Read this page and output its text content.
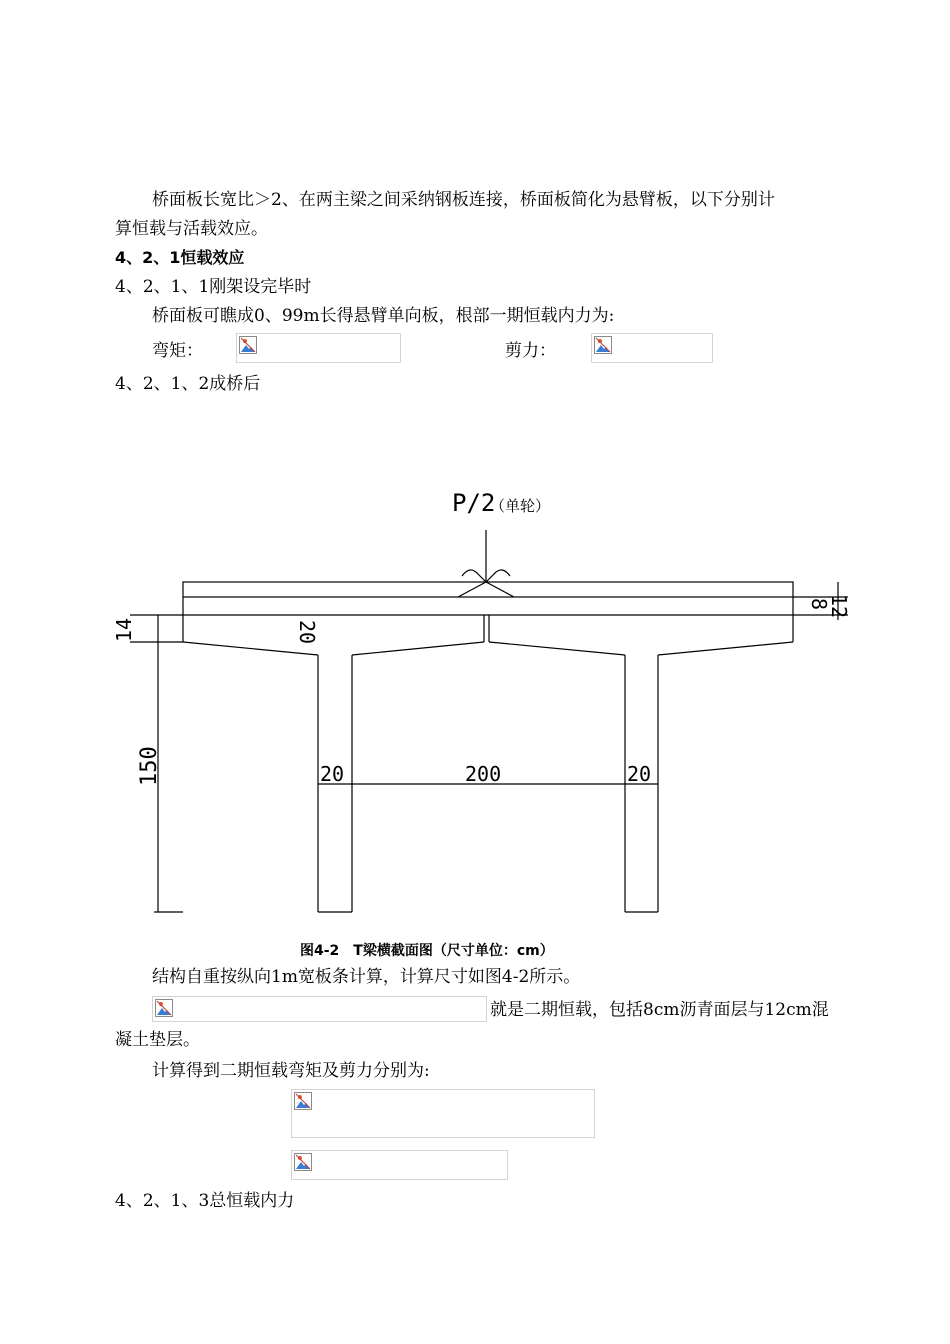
桥面板长宽比＞2、在两主梁之间采纳钢板连接，桥面板简化为悬臂板，以下分别计
算恒载与活载效应。
4、2、1恒载效应
4、2、1、1刚架设完毕时
桥面板可瞧成0、99m长得悬臂单向板，根部一期恒载内力为:
弯矩：	剪力：
4、2、1、2成桥后
P/2
（单轮）
8
12
14	20
150	20	200	20
图4-2　T梁横截面图（尺寸单位：cm）
结构自重按纵向1m宽板条计算，计算尺寸如图4-2所示。
就是二期恒载，包括8cm沥青面层与12cm混
凝土垫层。
计算得到二期恒载弯矩及剪力分别为:
4、2、1、3总恒载内力
